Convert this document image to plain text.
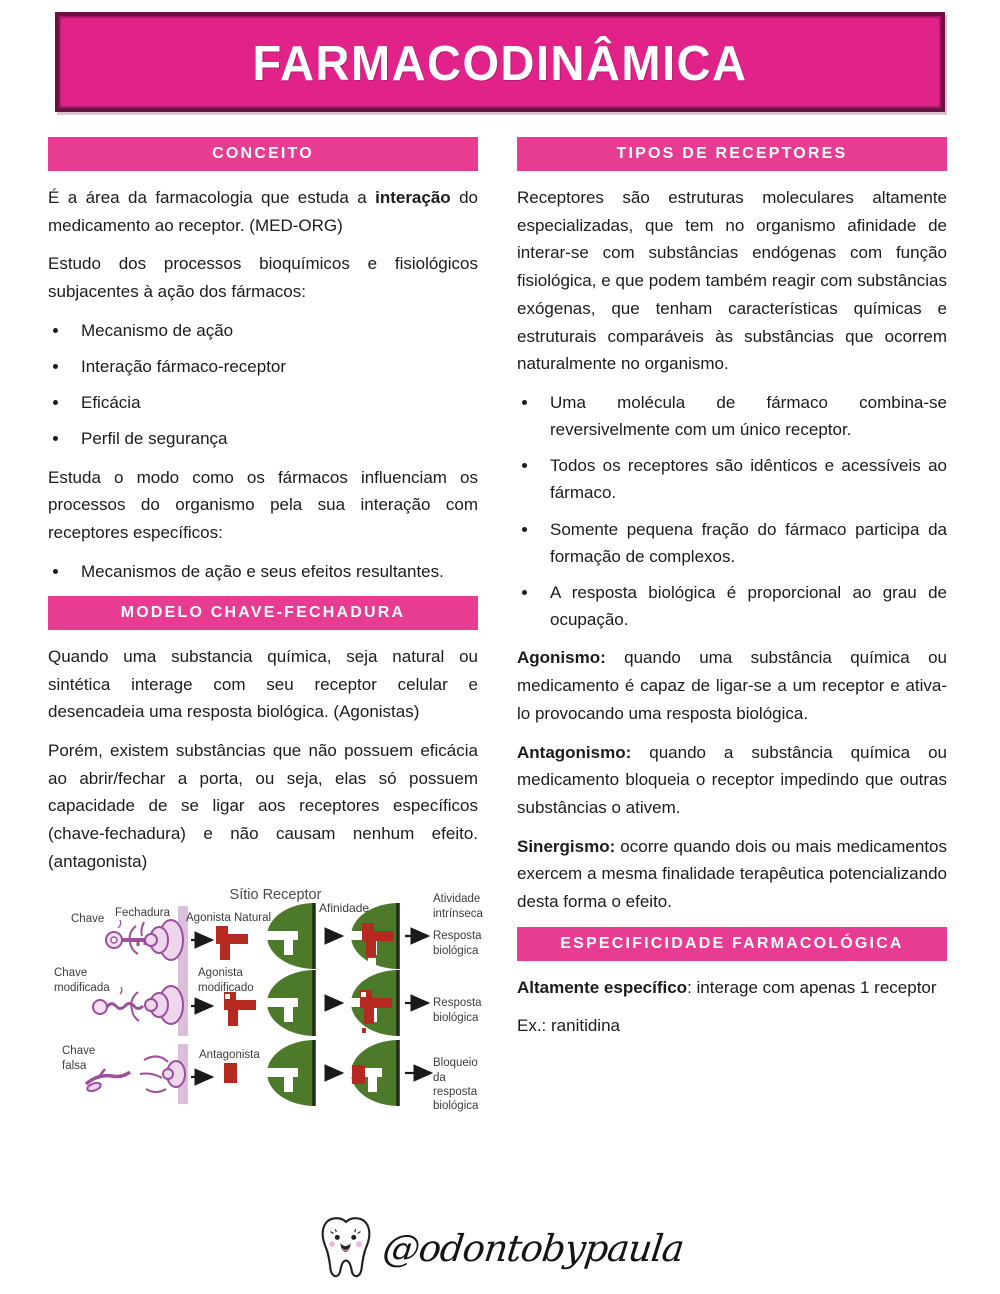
FARMACODINÂMICA
CONCEITO

É a área da farmacologia que estuda a interação do medicamento ao receptor. (MED-ORG)

Estudo dos processos bioquímicos e fisiológicos subjacentes à ação dos fármacos:

• Mecanismo de ação
• Interação fármaco-receptor
• Eficácia
• Perfil de segurança

Estuda o modo como os fármacos influenciam os processos do organismo pela sua interação com receptores específicos:

• Mecanismos de ação e seus efeitos resultantes.
MODELO CHAVE-FECHADURA

Quando uma substancia química, seja natural ou sintética interage com seu receptor celular e desencadeia uma resposta biológica. (Agonistas)

Porém, existem substâncias que não possuem eficácia ao abrir/fechar a porta, ou seja, elas só possuem capacidade de se ligar aos receptores específicos (chave-fechadura) e não causam nenhum efeito. (antagonista)

Sítio Receptor
Afinidade
Chave Fechadura Agonista Natural
Chave modificada
Agonista modificado
Chave falsa
Antagonista
Atividade intrínseca
Resposta biológica
Resposta biológica
Bloqueio da resposta biológica
TIPOS DE RECEPTORES

Receptores são estruturas moleculares altamente especializadas, que tem no organismo afinidade de interar-se com substâncias endógenas com função fisiológica, e que podem também reagir com substâncias exógenas, que tenham características químicas e estruturais comparáveis às substâncias que ocorrem naturalmente no organismo.

• Uma molécula de fármaco combina-se reversivelmente com um único receptor.
• Todos os receptores são idênticos e acessíveis ao fármaco.
• Somente pequena fração do fármaco participa da formação de complexos.
• A resposta biológica é proporcional ao grau de ocupação.

Agonismo: quando uma substância química ou medicamento é capaz de ligar-se a um receptor e ativa-lo provocando uma resposta biológica.

Antagonismo: quando a substância química ou medicamento bloqueia o receptor impedindo que outras substâncias o ativem.

Sinergismo: ocorre quando dois ou mais medicamentos exercem a mesma finalidade terapêutica potencializando desta forma o efeito.

ESPECIFICIDADE FARMACOLÓGICA

Altamente específico: interage com apenas 1 receptor

Ex.: ranitidina

@odontobypaula
